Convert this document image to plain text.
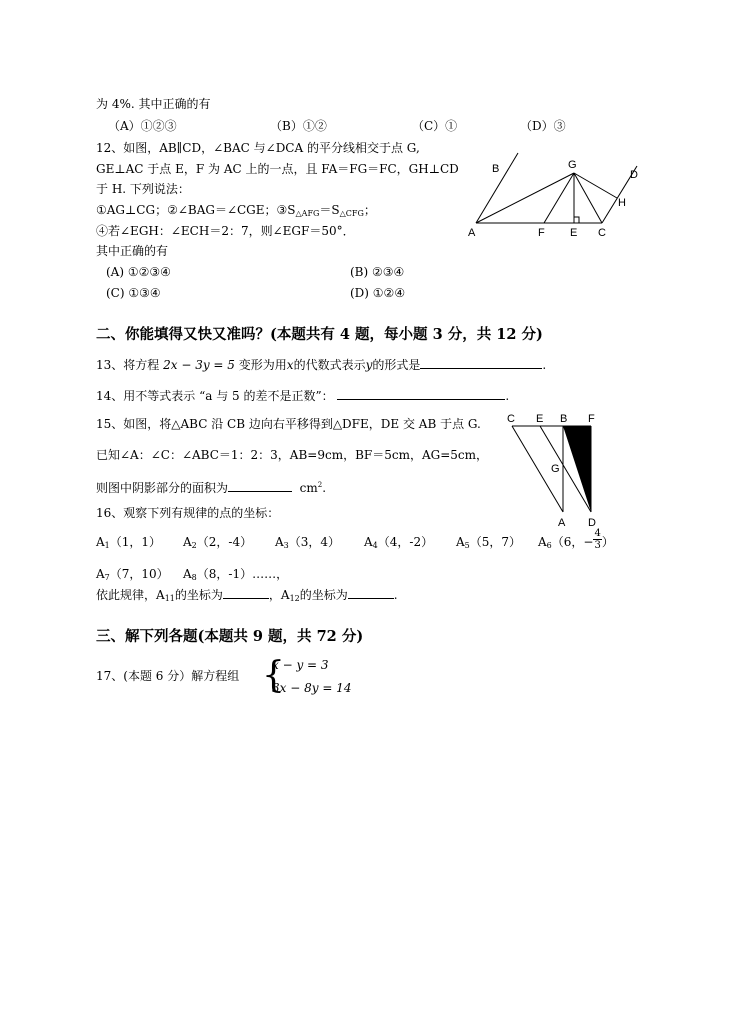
为 4%. 其中正确的有
（A）①②③	（B）①②	（C）①	（D）③
12、如图，AB∥CD，∠BAC 与∠DCA 的平分线相交于点 G,
GE⊥AC 于点 E，F 为 AC 上的一点，且 FA＝FG＝FC，GH⊥CD
于 H. 下列说法：
①AG⊥CG；②∠BAG＝∠CGE；$③S_{\triangle AFG}=S_{\triangle CFG}$；
④若∠EGH：∠ECH＝2：7，则∠EGF＝50°．
其中正确的有
(A) ①②③④	(B) ②③④
(C) ①③④	(D) ①②④
B	G
D
H
A	F E C
二、你能填得又快又准吗？(本题共有 4 题，每小题 3 分，共 12 分)
13、将方程 2x − 3y = 5 变形为用x的代数式表示y的形式是	.
14、用不等式表示 “a 与 5 的差不是正数”：	.
15、如图，将△ABC 沿 CB 边向右平移得到△DFE，DE 交 AB 于点 G.
已知∠A：∠C：∠ABC＝1：2：3，AB=9cm，BF＝5cm，AG=5cm，
则图中阴影部分的面积为	$cm^2$.
C E B F
G
A D
16、观察下列有规律的点的坐标：
$A_1(1$，1） $A_2(2$，-4） $A_3(3$，4） $A_4(4$，-2） $A_5(5$，7） $A_6(6$，− $\frac{4}{3}$ ）
$A_7(7$，10） $A_8(8$，-1）……，
依此规律，$A_{11}$的坐标为	，$A_{12}$的坐标为	.
三、解下列各题(本题共 9 题，共 72 分)
17、(本题 6 分）解方程组 {
x − y = 3
3x − 8y = 14
